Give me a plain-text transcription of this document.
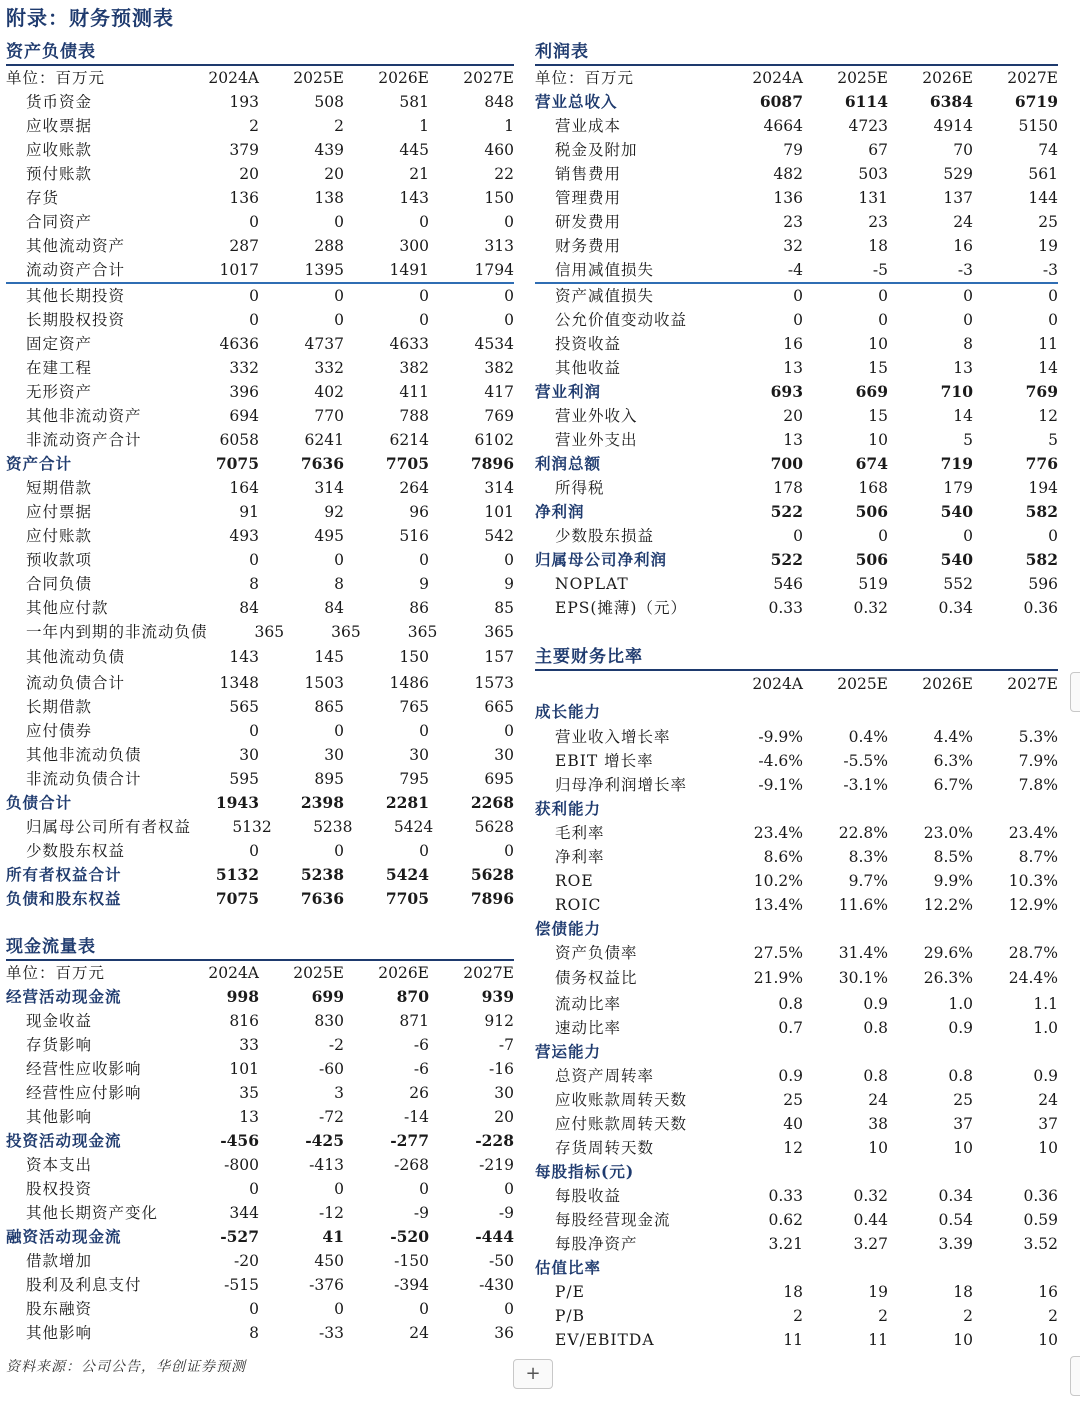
附录：财务预测表
资产负债表
单位：百万元	2024A	2025E	2026E	2027E
货币资金	193	508	581	848
应收票据	2	2	1	1
应收账款	379	439	445	460
预付账款	20	20	21	22
存货	136	138	143	150
合同资产	0	0	0	0
其他流动资产	287	288	300	313
流动资产合计	1017	1395	1491	1794
其他长期投资	0	0	0	0
长期股权投资	0	0	0	0
固定资产	4636	4737	4633	4534
在建工程	332	332	382	382
无形资产	396	402	411	417
其他非流动资产	694	770	788	769
非流动资产合计	6058	6241	6214	6102
资产合计	7075	7636	7705	7896
短期借款	164	314	264	314
应付票据	91	92	96	101
应付账款	493	495	516	542
预收款项	0	0	0	0
合同负债	8	8	9	9
其他应付款	84	84	86	85
一年内到期的非流动负债	365	365	365	365
其他流动负债	143	145	150	157
流动负债合计	1348	1503	1486	1573
长期借款	565	865	765	665
应付债券	0	0	0	0
其他非流动负债	30	30	30	30
非流动负债合计	595	895	795	695
负债合计	1943	2398	2281	2268
归属母公司所有者权益	5132	5238	5424	5628
少数股东权益	0	0	0	0
所有者权益合计	5132	5238	5424	5628
负债和股东权益	7075	7636	7705	7896
利润表
单位：百万元	2024A	2025E	2026E	2027E
营业总收入	6087	6114	6384	6719
营业成本	4664	4723	4914	5150
税金及附加	79	67	70	74
销售费用	482	503	529	561
管理费用	136	131	137	144
研发费用	23	23	24	25
财务费用	32	18	16	19
信用减值损失	-4	-5	-3	-3
资产减值损失	0	0	0	0
公允价值变动收益	0	0	0	0
投资收益	16	10	8	11
其他收益	13	15	13	14
营业利润	693	669	710	769
营业外收入	20	15	14	12
营业外支出	13	10	5	5
利润总额	700	674	719	776
所得税	178	168	179	194
净利润	522	506	540	582
少数股东损益	0	0	0	0
归属母公司净利润	522	506	540	582
NOPLAT	546	519	552	596
EPS(摊薄)（元）	0.33	0.32	0.34	0.36
主要财务比率
2024A	2025E	2026E	2027E
成长能力
营业收入增长率	-9.9%	0.4%	4.4%	5.3%
EBIT 增长率	-4.6%	-5.5%	6.3%	7.9%
归母净利润增长率	-9.1%	-3.1%	6.7%	7.8%
获利能力
毛利率	23.4%	22.8%	23.0%	23.4%
净利率	8.6%	8.3%	8.5%	8.7%
ROE	10.2%	9.7%	9.9%	10.3%
ROIC	13.4%	11.6%	12.2%	12.9%
偿债能力
资产负债率	27.5%	31.4%	29.6%	28.7%
债务权益比	21.9%	30.1%	26.3%	24.4%
流动比率	0.8	0.9	1.0	1.1
速动比率	0.7	0.8	0.9	1.0
营运能力
总资产周转率	0.9	0.8	0.8	0.9
应收账款周转天数	25	24	25	24
应付账款周转天数	40	38	37	37
存货周转天数	12	10	10	10
每股指标(元)
每股收益	0.33	0.32	0.34	0.36
每股经营现金流	0.62	0.44	0.54	0.59
每股净资产	3.21	3.27	3.39	3.52
估值比率
P/E	18	19	18	16
P/B	2	2	2	2
EV/EBITDA	11	11	10	10
现金流量表
单位：百万元	2024A	2025E	2026E	2027E
经营活动现金流	998	699	870	939
现金收益	816	830	871	912
存货影响	33	-2	-6	-7
经营性应收影响	101	-60	-6	-16
经营性应付影响	35	3	26	30
其他影响	13	-72	-14	20
投资活动现金流	-456	-425	-277	-228
资本支出	-800	-413	-268	-219
股权投资	0	0	0	0
其他长期资产变化	344	-12	-9	-9
融资活动现金流	-527	41	-520	-444
借款增加	-20	450	-150	-50
股利及利息支付	-515	-376	-394	-430
股东融资	0	0	0	0
其他影响	8	-33	24	36
资料来源：公司公告，华创证券预测	+
